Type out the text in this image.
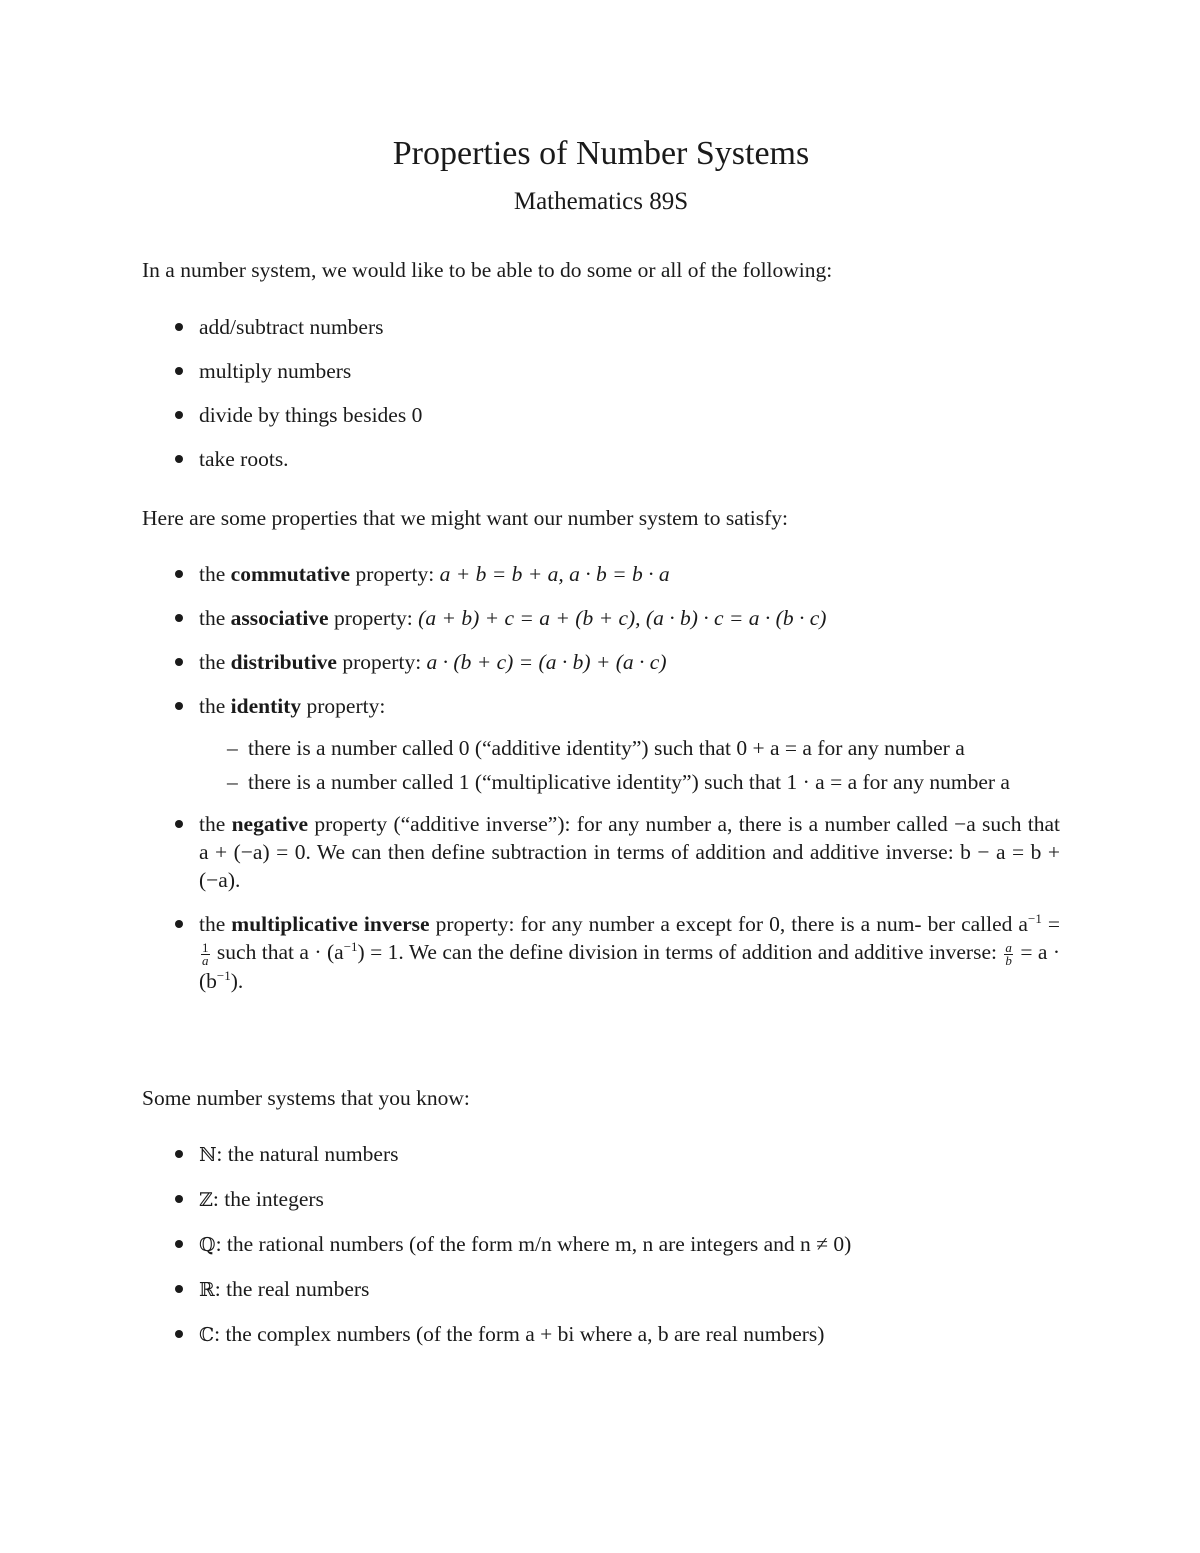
Properties of Number Systems
Mathematics 89S

In a number system, we would like to be able to do some or all of the following:

add/subtract numbers
multiply numbers
divide by things besides 0
take roots.

Here are some properties that we might want our number system to satisfy:

the commutative property: a + b = b + a, a · b = b · a
the associative property: (a + b) + c = a + (b + c), (a · b) · c = a · (b · c)
the distributive property: a · (b + c) = (a · b) + (a · c)
the identity property:
– there is a number called 0 (“additive identity”) such that 0 + a = a for any number a
– there is a number called 1 (“multiplicative identity”) such that 1 · a = a for any number a
the negative property (“additive inverse”): for any number a, there is a number called −a such that a + (−a) = 0. We can then define subtraction in terms of addition and additive inverse: b − a = b + (−a).
the multiplicative inverse property: for any number a except for 0, there is a num- ber called $a^{-1}$ =
$\frac{1}{a}$ such that $a \cdot (a^{-1}) = 1$. We can the define division in terms of addition and additive inverse: $\frac{a}{b} = a \cdot (b^{-1})$.

Some number systems that you know:

ℕ: the natural numbers
ℤ: the integers
ℚ: the rational numbers (of the form m/n where m, n are integers and n ≠ 0)
ℝ: the real numbers
ℂ: the complex numbers (of the form a + bi where a, b are real numbers)
